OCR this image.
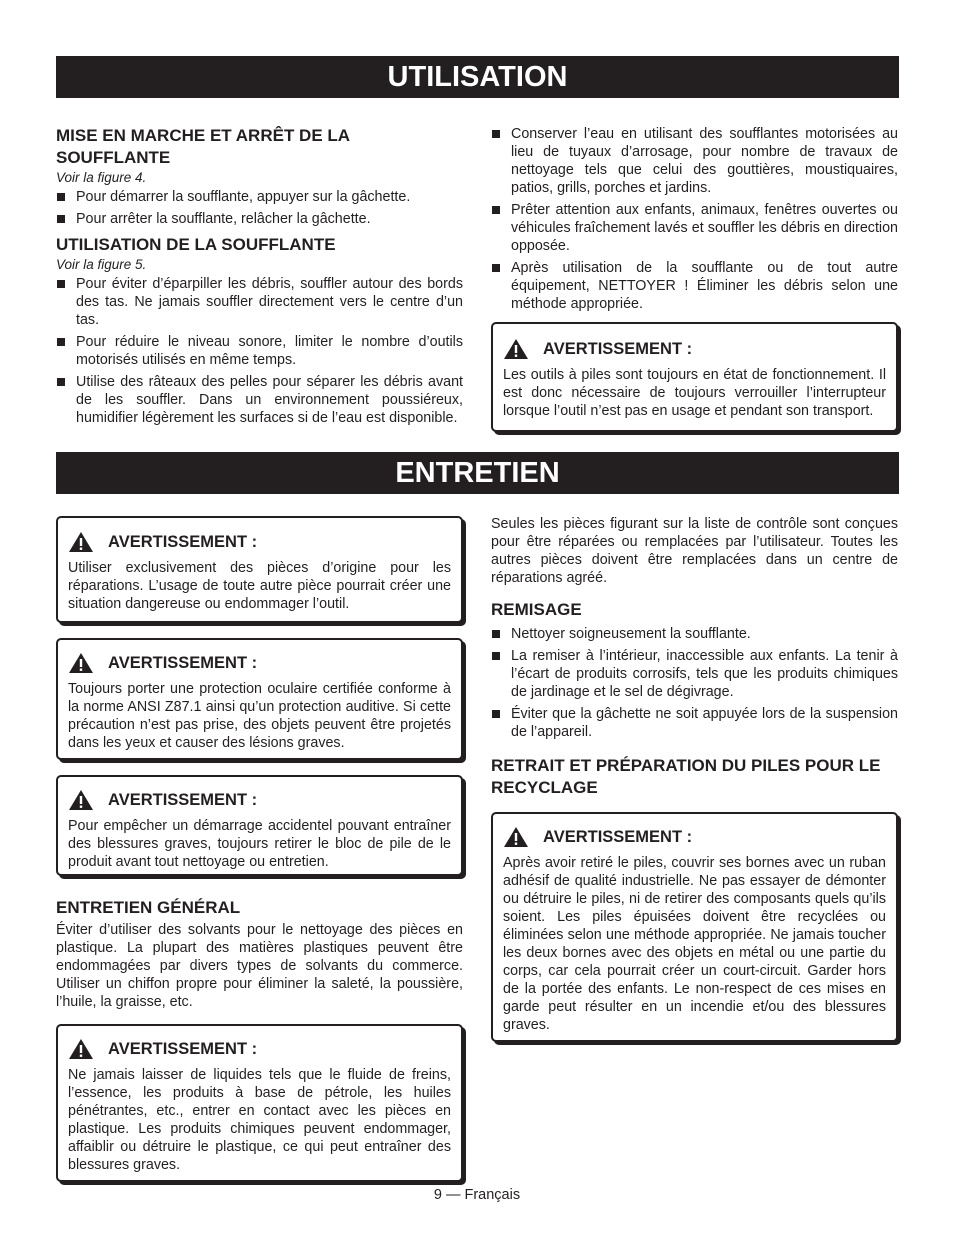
UTILISATION
MISE EN MARCHE ET ARRÊT DE LA SOUFFLANTE

Voir la figure 4.

Pour démarrer la soufflante, appuyer sur la gâchette.
Pour arrêter la soufflante, relâcher la gâchette.
UTILISATION DE LA SOUFFLANTE

Voir la figure 5.

Pour éviter d’éparpiller les débris, souffler autour des bords des tas. Ne jamais souffler directement vers le centre d’un tas.
Pour réduire le niveau sonore, limiter le nombre d’outils motorisés utilisés en même temps.
Utilise des râteaux des pelles pour séparer les débris avant de les souffler. Dans un environnement poussiéreux, humidifier légèrement les surfaces si de l’eau est disponible.
Conserver l’eau en utilisant des soufflantes motorisées au lieu de tuyaux d’arrosage, pour nombre de travaux de nettoyage tels que celui des gouttières, moustiquaires, patios, grills, porches et jardins.
Prêter attention aux enfants, animaux, fenêtres ouvertes ou véhicules fraîchement lavés et souffler les débris en direction opposée.
Après utilisation de la soufflante ou de tout autre équipement, NETTOYER ! Éliminer les débris selon une méthode appropriée.
AVERTISSEMENT :

Les outils à piles sont toujours en état de fonctionnement. Il est donc nécessaire de toujours verrouiller l’interrupteur lorsque l’outil n’est pas en usage et pendant son transport.

ENTRETIEN
AVERTISSEMENT :

Utiliser exclusivement des pièces d’origine pour les réparations. L’usage de toute autre pièce pourrait créer une situation dangereuse ou endommager l’outil.

AVERTISSEMENT :

Toujours porter une protection oculaire certifiée conforme à la norme ANSI Z87.1 ainsi qu’un protection auditive. Si cette précaution n’est pas prise, des objets peuvent être projetés dans les yeux et causer des lésions graves.

AVERTISSEMENT :

Pour empêcher un démarrage accidentel pouvant entraîner des blessures graves, toujours retirer le bloc de pile de le produit avant tout nettoyage ou entretien.

ENTRETIEN GÉNÉRAL

Éviter d’utiliser des solvants pour le nettoyage des pièces en plastique. La plupart des matières plastiques peuvent être endommagées par divers types de solvants du commerce. Utiliser un chiffon propre pour éliminer la saleté, la poussière, l’huile, la graisse, etc.

AVERTISSEMENT :

Ne jamais laisser de liquides tels que le fluide de freins, l’essence, les produits à base de pétrole, les huiles pénétrantes, etc., entrer en contact avec les pièces en plastique. Les produits chimiques peuvent endommager, affaiblir ou détruire le plastique, ce qui peut entraîner des blessures graves.

Seules les pièces figurant sur la liste de contrôle sont conçues pour être réparées ou remplacées par l’utilisateur. Toutes les autres pièces doivent être remplacées dans un centre de réparations agréé.

REMISAGE
Nettoyer soigneusement la soufflante.
La remiser à l’intérieur, inaccessible aux enfants. La tenir à l’écart de produits corrosifs, tels que les produits chimiques de jardinage et le sel de dégivrage.
Éviter que la gâchette ne soit appuyée lors de la suspension de l’appareil.
RETRAIT ET PRÉPARATION DU PILES POUR LE RECYCLAGE
AVERTISSEMENT :

Après avoir retiré le piles, couvrir ses bornes avec un ruban adhésif de qualité industrielle. Ne pas essayer de démonter ou détruire le piles, ni de retirer des composants quels qu’ils soient. Les piles épuisées doivent être recyclées ou éliminées selon une méthode appropriée. Ne jamais toucher les deux bornes avec des objets en métal ou une partie du corps, car cela pourrait créer un court-circuit. Garder hors de la portée des enfants. Le non-respect de ces mises en garde peut résulter en un incendie et/ou des blessures graves.

9 — Français
